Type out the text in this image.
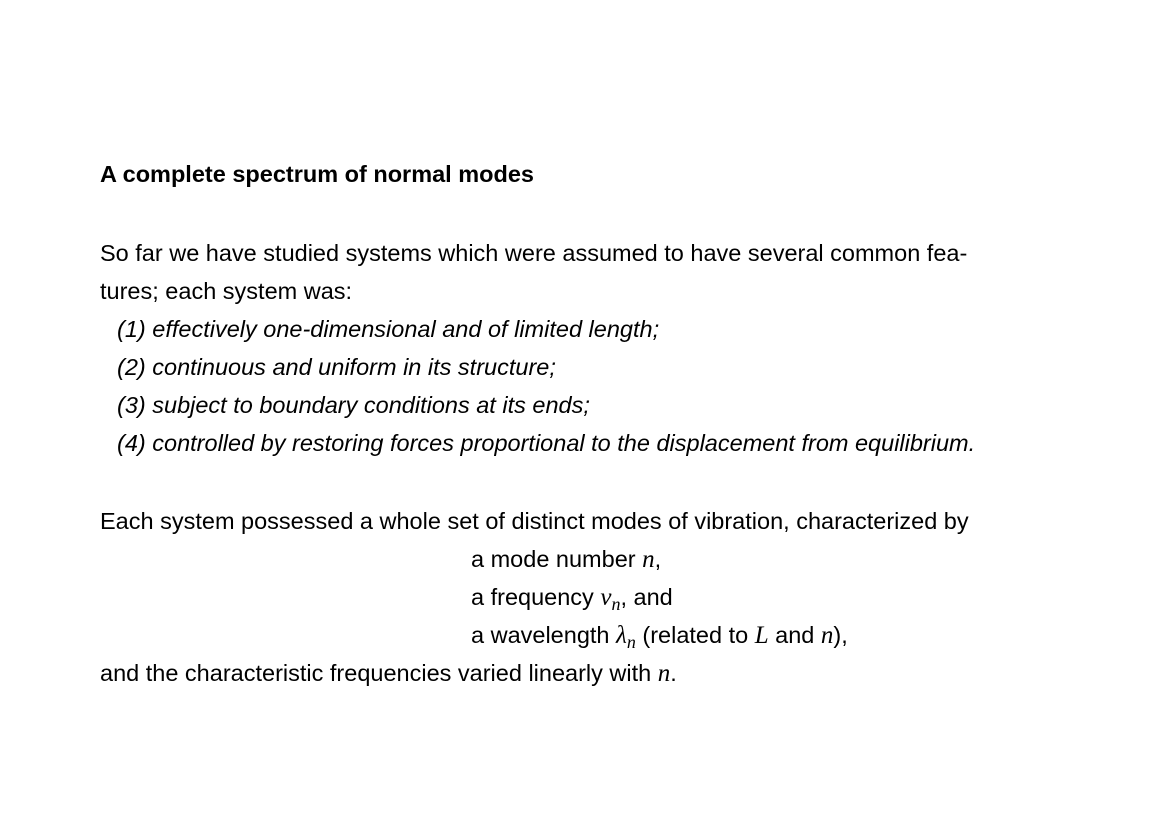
A complete spectrum of normal modes
So far we have studied systems which were assumed to have several common fea-
tures; each system was:
(1) effectively one-dimensional and of limited length;
(2) continuous and uniform in its structure;
(3) subject to boundary conditions at its ends;
(4) controlled by restoring forces proportional to the displacement from equilibrium.
Each system possessed a whole set of distinct modes of vibration, characterized by
a mode number n,
a frequency $\nu_n$, and
a wavelength $\lambda_n$ (related to L and n),
and the characteristic frequencies varied linearly with n.
